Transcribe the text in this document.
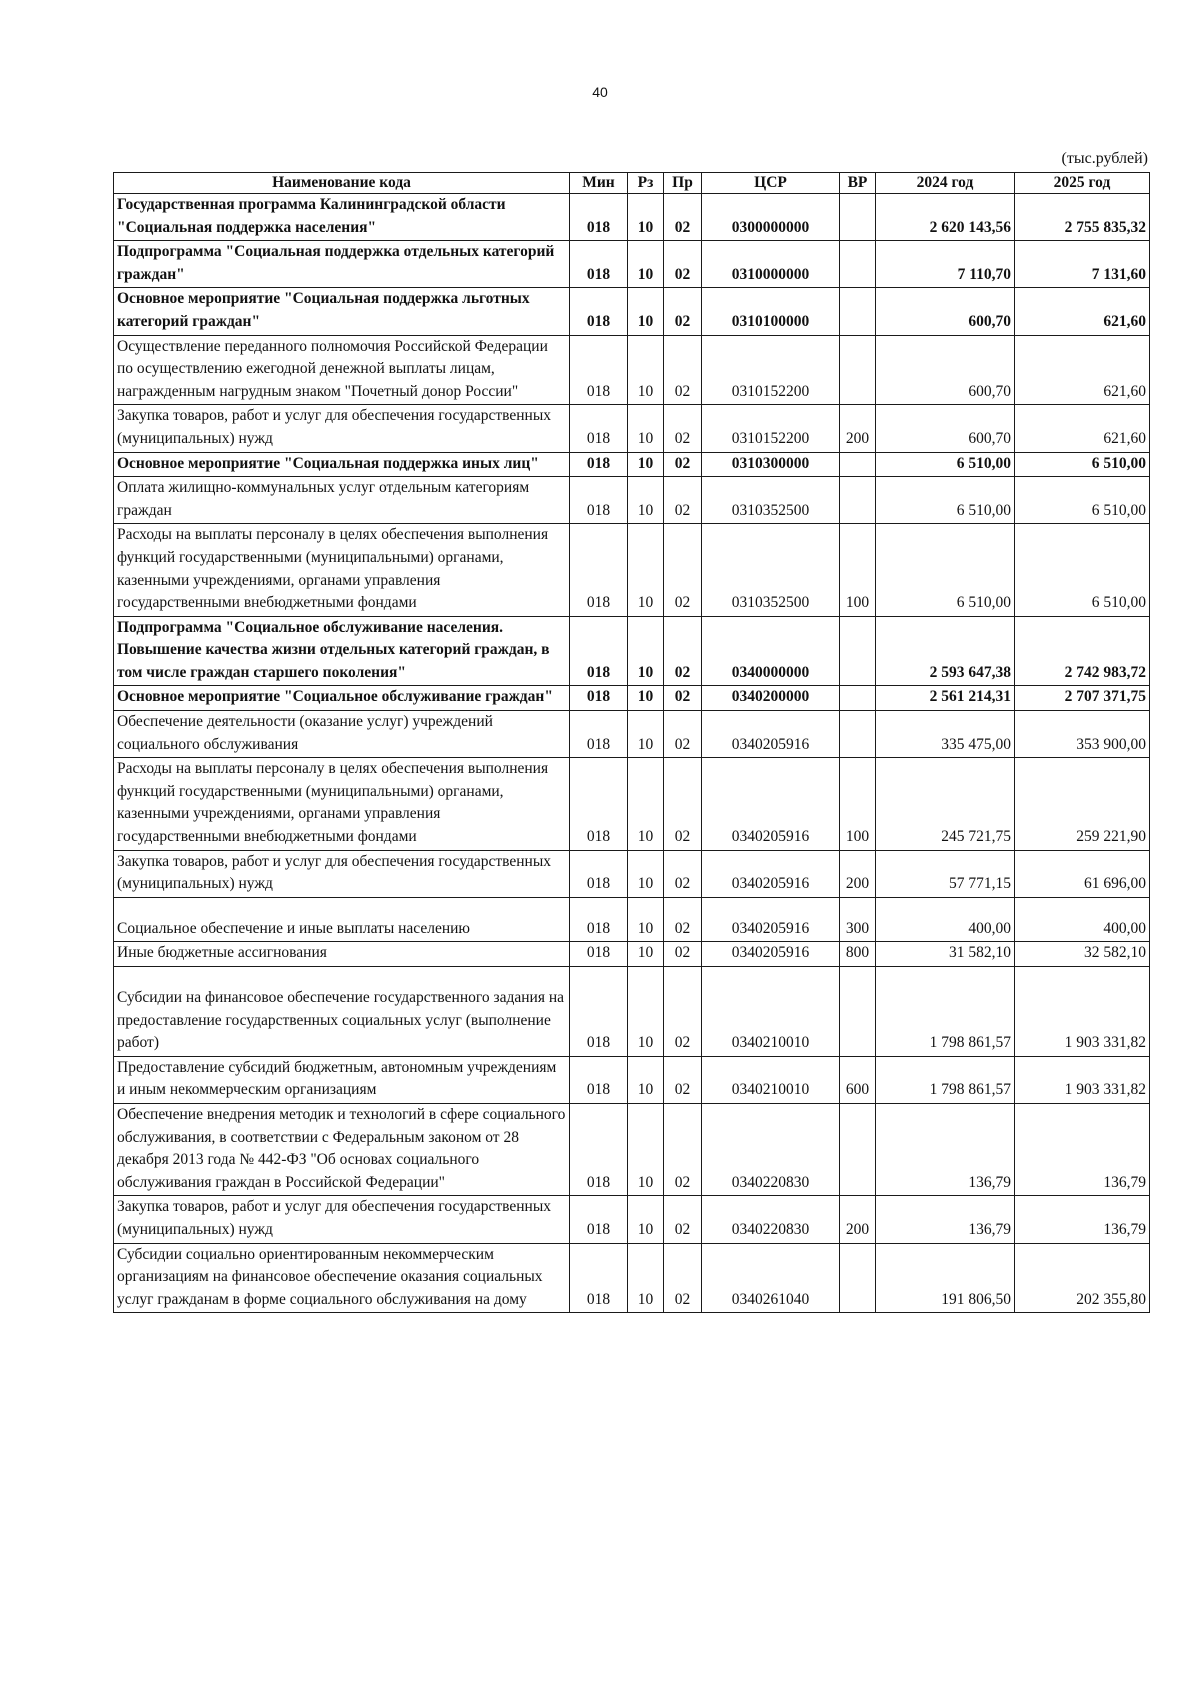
40
(тыс.рублей)
Наименование кода	Мин	Рз	Пр	ЦСР	ВР	2024 год	2025 год
Государственная программа Калининградской области "Социальная поддержка населения"	018	10	02	0300000000		2 620 143,56	2 755 835,32
Подпрограмма "Социальная поддержка отдельных категорий граждан"	018	10	02	0310000000		7 110,70	7 131,60
Основное мероприятие "Социальная поддержка льготных категорий граждан"	018	10	02	0310100000		600,70	621,60
Осуществление переданного полномочия Российской Федерации по осуществлению ежегодной денежной выплаты лицам, награжденным нагрудным знаком "Почетный донор России"	018	10	02	0310152200		600,70	621,60
Закупка товаров, работ и услуг для обеспечения государственных (муниципальных) нужд	018	10	02	0310152200	200	600,70	621,60
Основное мероприятие "Социальная поддержка иных лиц"	018	10	02	0310300000		6 510,00	6 510,00
Оплата жилищно-коммунальных услуг отдельным категориям граждан	018	10	02	0310352500		6 510,00	6 510,00
Расходы на выплаты персоналу в целях обеспечения выполнения функций государственными (муниципальными) органами, казенными учреждениями, органами управления государственными внебюджетными фондами	018	10	02	0310352500	100	6 510,00	6 510,00
Подпрограмма "Социальное обслуживание населения. Повышение качества жизни отдельных категорий граждан, в том числе граждан старшего поколения"	018	10	02	0340000000		2 593 647,38	2 742 983,72
Основное мероприятие "Социальное обслуживание граждан"	018	10	02	0340200000		2 561 214,31	2 707 371,75
Обеспечение деятельности (оказание услуг) учреждений социального обслуживания	018	10	02	0340205916		335 475,00	353 900,00
Расходы на выплаты персоналу в целях обеспечения выполнения функций государственными (муниципальными) органами, казенными учреждениями, органами управления государственными внебюджетными фондами	018	10	02	0340205916	100	245 721,75	259 221,90
Закупка товаров, работ и услуг для обеспечения государственных (муниципальных) нужд	018	10	02	0340205916	200	57 771,15	61 696,00
Социальное обеспечение и иные выплаты населению	018	10	02	0340205916	300	400,00	400,00
Иные бюджетные ассигнования	018	10	02	0340205916	800	31 582,10	32 582,10
Субсидии на финансовое обеспечение государственного задания на предоставление государственных социальных услуг (выполнение работ)	018	10	02	0340210010		1 798 861,57	1 903 331,82
Предоставление субсидий бюджетным, автономным учреждениям и иным некоммерческим организациям	018	10	02	0340210010	600	1 798 861,57	1 903 331,82
Обеспечение внедрения методик и технологий в сфере социального обслуживания, в соответствии с Федеральным законом от 28 декабря 2013 года № 442-ФЗ "Об основах социального обслуживания граждан в Российской Федерации"	018	10	02	0340220830		136,79	136,79
Закупка товаров, работ и услуг для обеспечения государственных (муниципальных) нужд	018	10	02	0340220830	200	136,79	136,79
Субсидии социально ориентированным некоммерческим организациям на финансовое обеспечение оказания социальных услуг гражданам в форме социального обслуживания на дому	018	10	02	0340261040		191 806,50	202 355,80
